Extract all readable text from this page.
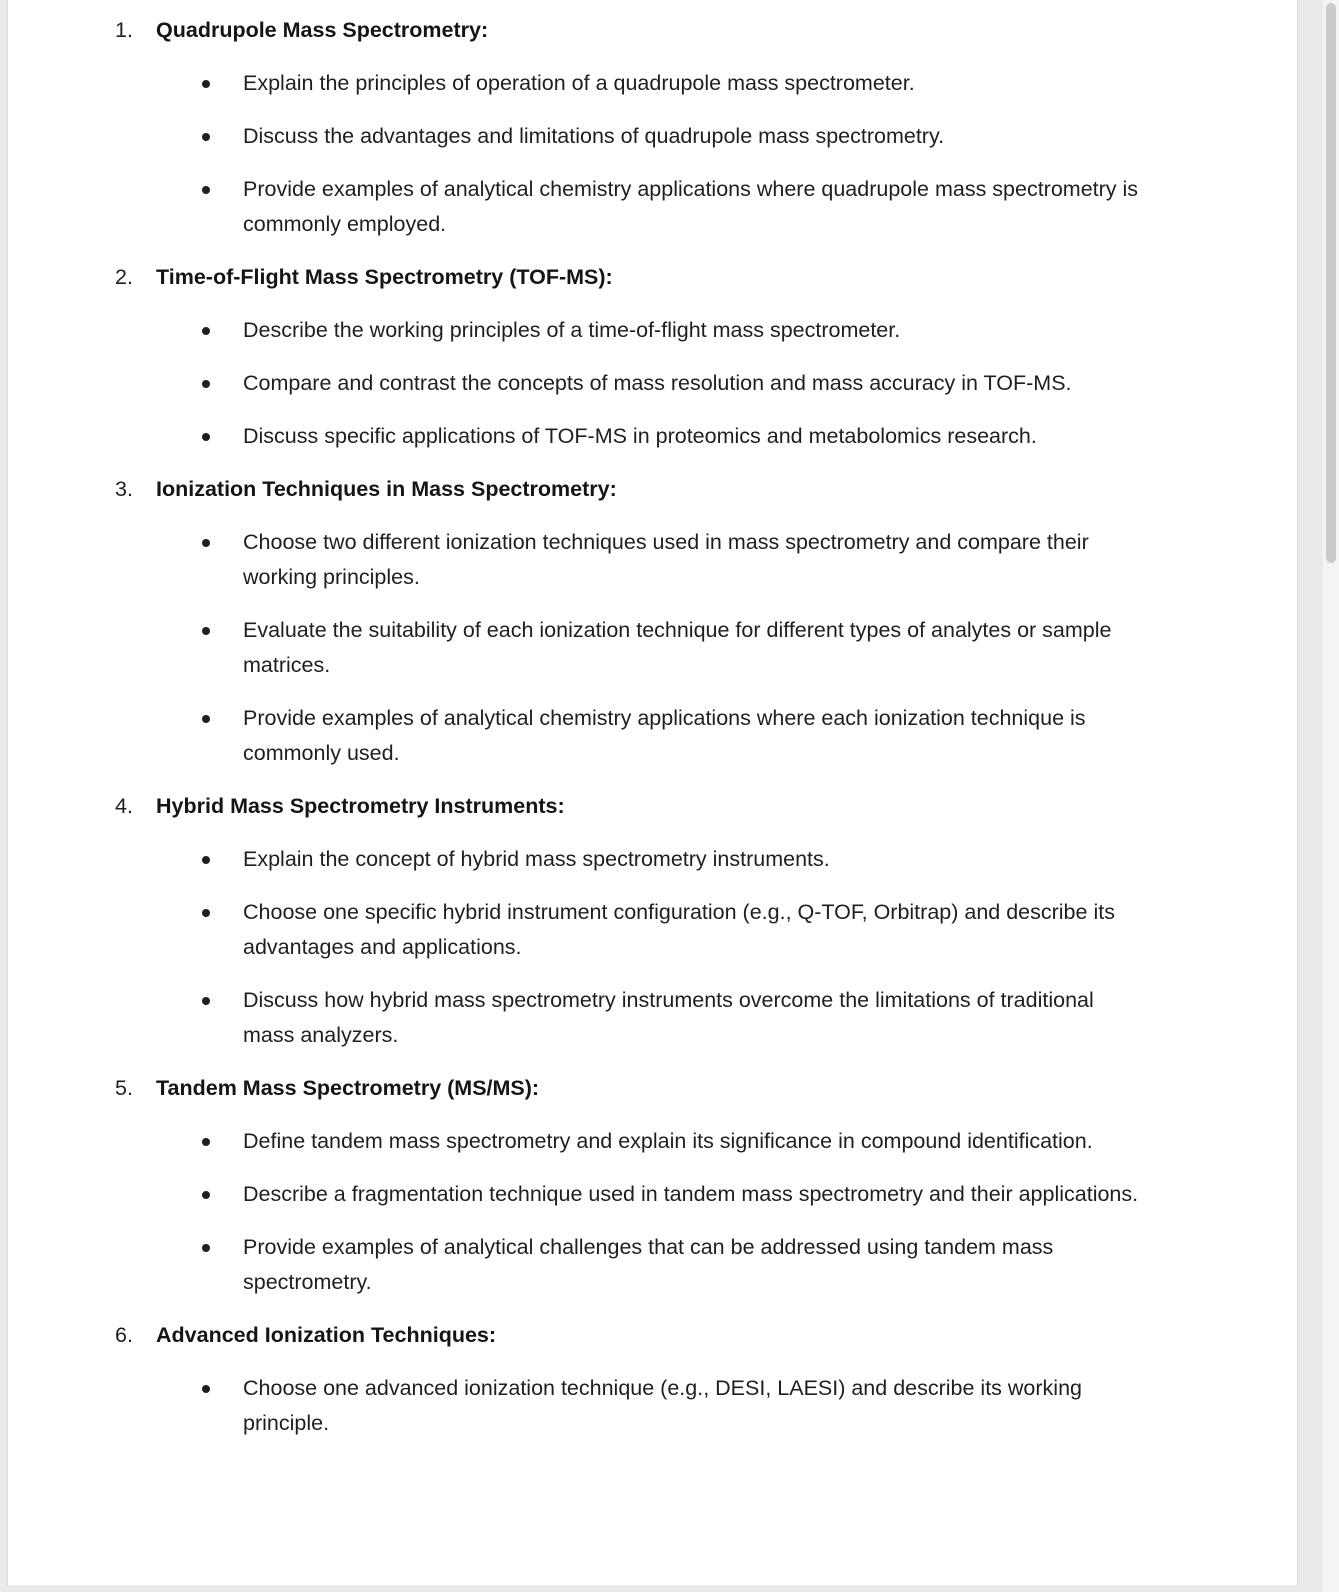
1.	Quadrupole Mass Spectrometry:
Explain the principles of operation of a quadrupole mass spectrometer.
Discuss the advantages and limitations of quadrupole mass spectrometry.
Provide examples of analytical chemistry applications where quadrupole mass spectrometry is commonly employed.
2.	Time-of-Flight Mass Spectrometry (TOF-MS):
Describe the working principles of a time-of-flight mass spectrometer.
Compare and contrast the concepts of mass resolution and mass accuracy in TOF-MS.
Discuss specific applications of TOF-MS in proteomics and metabolomics research.
3.	Ionization Techniques in Mass Spectrometry:
Choose two different ionization techniques used in mass spectrometry and compare their working principles.
Evaluate the suitability of each ionization technique for different types of analytes or sample matrices.
Provide examples of analytical chemistry applications where each ionization technique is commonly used.
4.	Hybrid Mass Spectrometry Instruments:
Explain the concept of hybrid mass spectrometry instruments.
Choose one specific hybrid instrument configuration (e.g., Q-TOF, Orbitrap) and describe its advantages and applications.
Discuss how hybrid mass spectrometry instruments overcome the limitations of traditional mass analyzers.
5.	Tandem Mass Spectrometry (MS/MS):
Define tandem mass spectrometry and explain its significance in compound identification.
Describe a fragmentation technique used in tandem mass spectrometry and their applications.
Provide examples of analytical challenges that can be addressed using tandem mass spectrometry.
6.	Advanced Ionization Techniques:
Choose one advanced ionization technique (e.g., DESI, LAESI) and describe its working principle.
